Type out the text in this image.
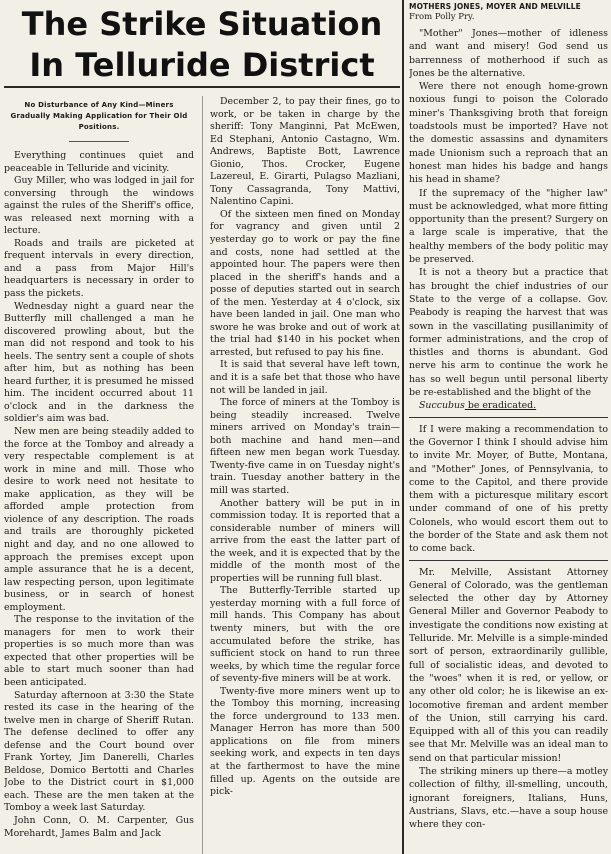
The Strike Situation
In Telluride District
No Disturbance of Any Kind—Miners Gradually Making Application for Their Old Positions.

Everything continues quiet and peaceable in Telluride and vicinity.

Guy Miller, who was lodged in jail for conversing through the windows against the rules of the Sheriff's office, was released next morning with a lecture.

Roads and trails are picketed at frequent intervals in every direction, and a pass from Major Hill's headquarters is necessary in order to pass the pickets.

Wednesday night a guard near the Butterfly mill challenged a man he discovered prowling about, but the man did not respond and took to his heels. The sentry sent a couple of shots after him, but as nothing has been heard further, it is presumed he missed him. The incident occurred about 11 o'clock and in the darkness the soldier's aim was bad.

New men are being steadily added to the force at the Tomboy and already a very respectable complement is at work in mine and mill. Those who desire to work need not hesitate to make application, as they will be afforded ample protection from violence of any description. The roads and trails are thoroughly picketed night and day, and no one allowed to approach the premises except upon ample assurance that he is a decent, law respecting person, upon legitimate business, or in search of honest employment.

The response to the invitation of the managers for men to work their properties is so much more than was expected that other properties will be able to start much sooner than had been anticipated.

Saturday afternoon at 3:30 the State rested its case in the hearing of the twelve men in charge of Sheriff Rutan. The defense declined to offer any defense and the Court bound over Frank Yortey, Jim Danerelli, Charles Beldose, Domico Bertotti and Charles Jobe to the District court in $1,000 each. These are the men taken at the Tomboy a week last Saturday.

John Conn, O. M. Carpenter, Gus Morehardt, James Balm and Jack

December 2, to pay their fines, go to work, or be taken in charge by the sheriff: Tony Manginni, Pat McEwen, Ed Stephani, Antonio Castagno, Wm. Andrews, Baptiste Bott, Lawrence Gionio, Thos. Crocker, Eugene Lazereul, E. Girarti, Pulagso Mazliani, Tony Cassagranda, Tony Mattivi, Nalentino Capini.

Of the sixteen men fined on Monday for vagrancy and given until 2 yesterday go to work or pay the fine and costs, none had settled at the appointed hour. The papers were then placed in the sheriff's hands and a posse of deputies started out in search of the men. Yesterday at 4 o'clock, six have been landed in jail. One man who swore he was broke and out of work at the trial had $140 in his pocket when arrested, but refused to pay his fine.

It is said that several have left town, and it is a safe bet that those who have not will be landed in jail.

The force of miners at the Tomboy is being steadily increased. Twelve miners arrived on Monday's train—both machine and hand men—and fifteen new men began work Tuesday. Twenty-five came in on Tuesday night's train. Tuesday another battery in the mill was started.

Another battery will be put in in commission today. It is reported that a considerable number of miners will arrive from the east the latter part of the week, and it is expected that by the middle of the month most of the properties will be running full blast.

The Butterfly-Terrible started up yesterday morning with a full force of mill hands. This Company has about twenty miners, but with the ore accumulated before the strike, has sufficient stock on hand to run three weeks, by which time the regular force of seventy-five miners will be at work.

Twenty-five more miners went up to the Tomboy this morning, increasing the force underground to 133 men. Manager Herron has more than 500 applications on file from miners seeking work, and expects in ten days at the farthermost to have the mine filled up. Agents on the outside are pick-

MOTHERS JONES, MOYER AND MELVILLE
From Polly Pry.

"Mother" Jones—mother of idleness and want and misery! God send us barrenness of motherhood if such as Jones be the alternative.

Were there not enough home-grown noxious fungi to poison the Colorado miner's Thanksgiving broth that foreign toadstools must be imported? Have not the domestic assassins and dynamiters made Unionism such a reproach that an honest man hides his badge and hangs his head in shame?

If the supremacy of the "higher law" must be acknowledged, what more fitting opportunity than the present? Surgery on a large scale is imperative, that the healthy members of the body politic may be preserved.

It is not a theory but a practice that has brought the chief industries of our State to the verge of a collapse. Gov. Peabody is reaping the harvest that was sown in the vascillating pusillanimity of former administrations, and the crop of thistles and thorns is abundant. God nerve his arm to continue the work he has so well begun until personal liberty be re-established and the blight of the

Succubus be eradicated.

If I were making a recommendation to the Governor I think I should advise him to invite Mr. Moyer, of Butte, Montana, and "Mother" Jones, of Pennsylvania, to come to the Capitol, and there provide them with a picturesque military escort under command of one of his pretty Colonels, who would escort them out to the border of the State and ask them not to come back.

Mr. Melville, Assistant Attorney General of Colorado, was the gentleman selected the other day by Attorney General Miller and Governor Peabody to investigate the conditions now existing at Telluride. Mr. Melville is a simple-minded sort of person, extraordinarily gullible, full of socialistic ideas, and devoted to the "woes" when it is red, or yellow, or any other old color; he is likewise an ex-locomotive fireman and ardent member of the Union, still carrying his card. Equipped with all of this you can readily see that Mr. Melville was an ideal man to send on that particular mission!

The striking miners up there—a motley collection of filthy, ill-smelling, uncouth, ignorant foreigners, Italians, Huns, Austrians, Slavs, etc.—have a soup house where they con-
